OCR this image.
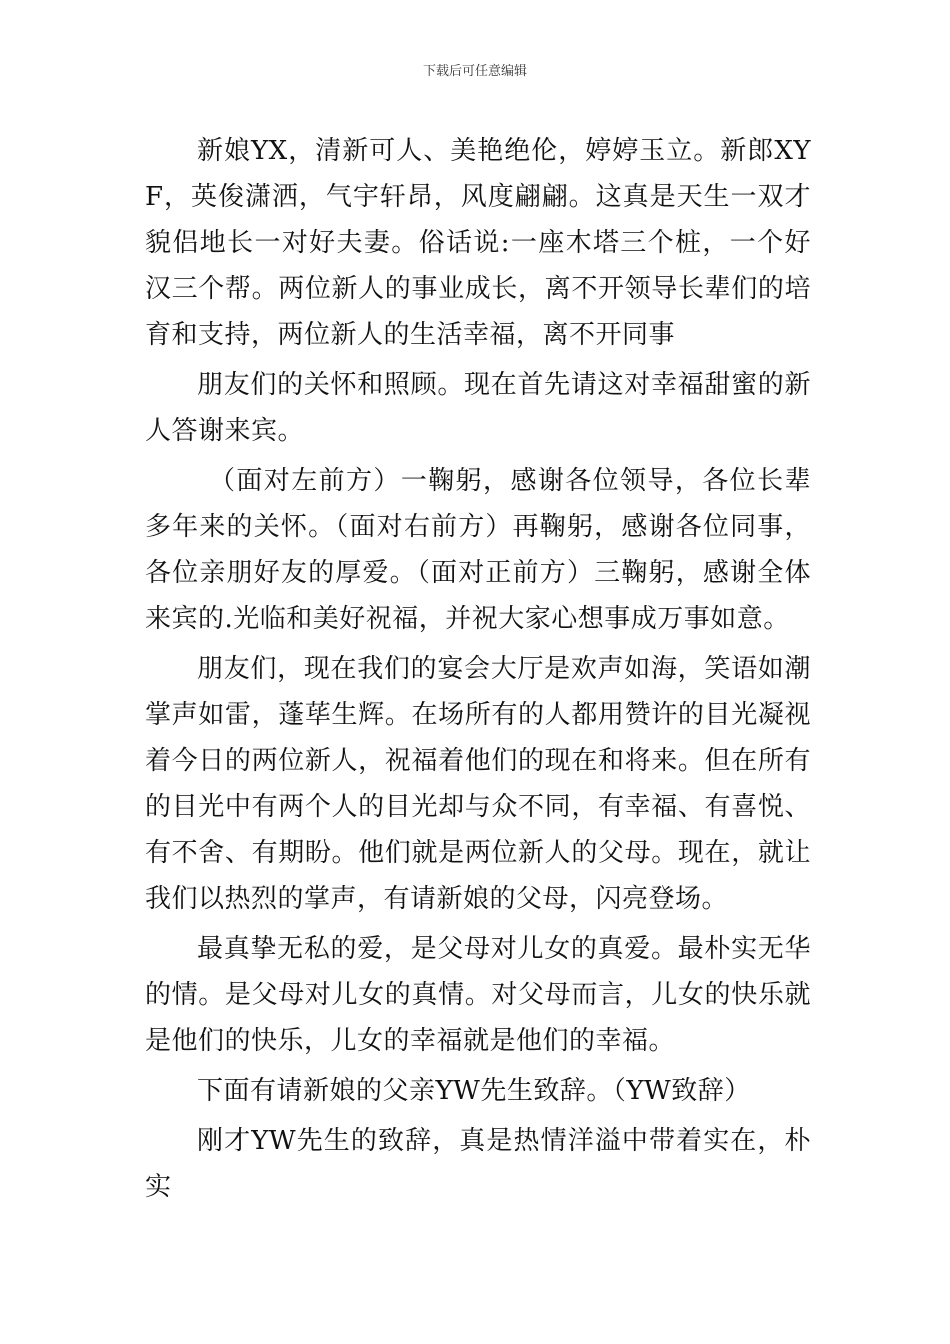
下载后可任意编辑

新娘YX，清新可人、美艳绝伦，婷婷玉立。新郎XYF，英俊潇洒，气宇轩昂，风度翩翩。这真是天生一双才貌侣地长一对好夫妻。俗话说:一座木塔三个桩，一个好汉三个帮。两位新人的事业成长，离不开领导长辈们的培育和支持，两位新人的生活幸福，离不开同事

朋友们的关怀和照顾。现在首先请这对幸福甜蜜的新人答谢来宾。

（面对左前方）一鞠躬，感谢各位领导，各位长辈多年来的关怀。（面对右前方）再鞠躬，感谢各位同事，各位亲朋好友的厚爱。（面对正前方）三鞠躬，感谢全体来宾的.光临和美好祝福，并祝大家心想事成万事如意。

朋友们，现在我们的宴会大厅是欢声如海，笑语如潮掌声如雷，蓬荜生辉。在场所有的人都用赞许的目光凝视着今日的两位新人，祝福着他们的现在和将来。但在所有的目光中有两个人的目光却与众不同，有幸福、有喜悦、有不舍、有期盼。他们就是两位新人的父母。现在，就让我们以热烈的掌声，有请新娘的父母，闪亮登场。

最真挚无私的爱，是父母对儿女的真爱。最朴实无华的情。是父母对儿女的真情。对父母而言，儿女的快乐就是他们的快乐，儿女的幸福就是他们的幸福。

下面有请新娘的父亲YW先生致辞。（YW致辞）

刚才YW先生的致辞，真是热情洋溢中带着实在，朴实
